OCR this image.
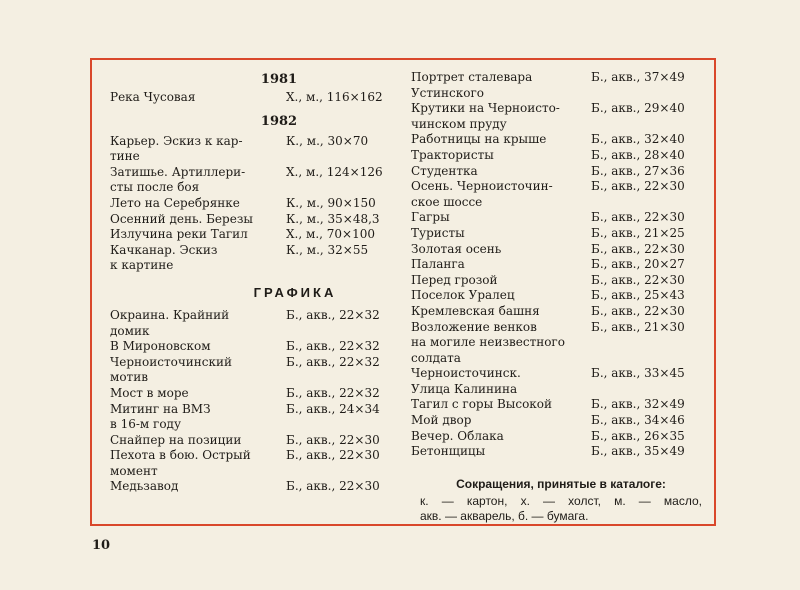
1981
Река Чусовая	Х., м., 116×162
1982
Карьер. Эскиз к кар-	К., м., 30×70
тине
Затишье. Артиллери-	Х., м., 124×126
сты после боя
Лето на Серебрянке	К., м., 90×150
Осенний день. Березы	К., м., 35×48,3
Излучина реки Тагил	Х., м., 70×100
Качканар. Эскиз	К., м., 32×55
к картине
ГРАФИКА
Окраина. Крайний	Б., акв., 22×32
домик
В Мироновском	Б., акв., 22×32
Черноисточинский	Б., акв., 22×32
мотив
Мост в море	Б., акв., 22×32
Митинг на ВМЗ	Б., акв., 24×34
в 16-м году
Снайпер на позиции	Б., акв., 22×30
Пехота в бою. Острый	Б., акв., 22×30
момент
Медьзавод	Б., акв., 22×30
Портрет сталевара	Б., акв., 37×49
Устинского
Крутики на Черноисто-	Б., акв., 29×40
чинском пруду
Работницы на крыше	Б., акв., 32×40
Трактористы	Б., акв., 28×40
Студентка	Б., акв., 27×36
Осень. Черноисточин-	Б., акв., 22×30
ское шоссе
Гагры	Б., акв., 22×30
Туристы	Б., акв., 21×25
Золотая осень	Б., акв., 22×30
Паланга	Б., акв., 20×27
Перед грозой	Б., акв., 22×30
Поселок Уралец	Б., акв., 25×43
Кремлевская башня	Б., акв., 22×30
Возложение венков	Б., акв., 21×30
на могиле неизвестного
солдата
Черноисточинск.	Б., акв., 33×45
Улица Калинина
Тагил с горы Высокой	Б., акв., 32×49
Мой двор	Б., акв., 34×46
Вечер. Облака	Б., акв., 26×35
Бетонщицы	Б., акв., 35×49
Сокращения, принятые в каталоге:
к. — картон, х. — холст, м. — масло,
акв. — акварель, б. — бумага.
10
